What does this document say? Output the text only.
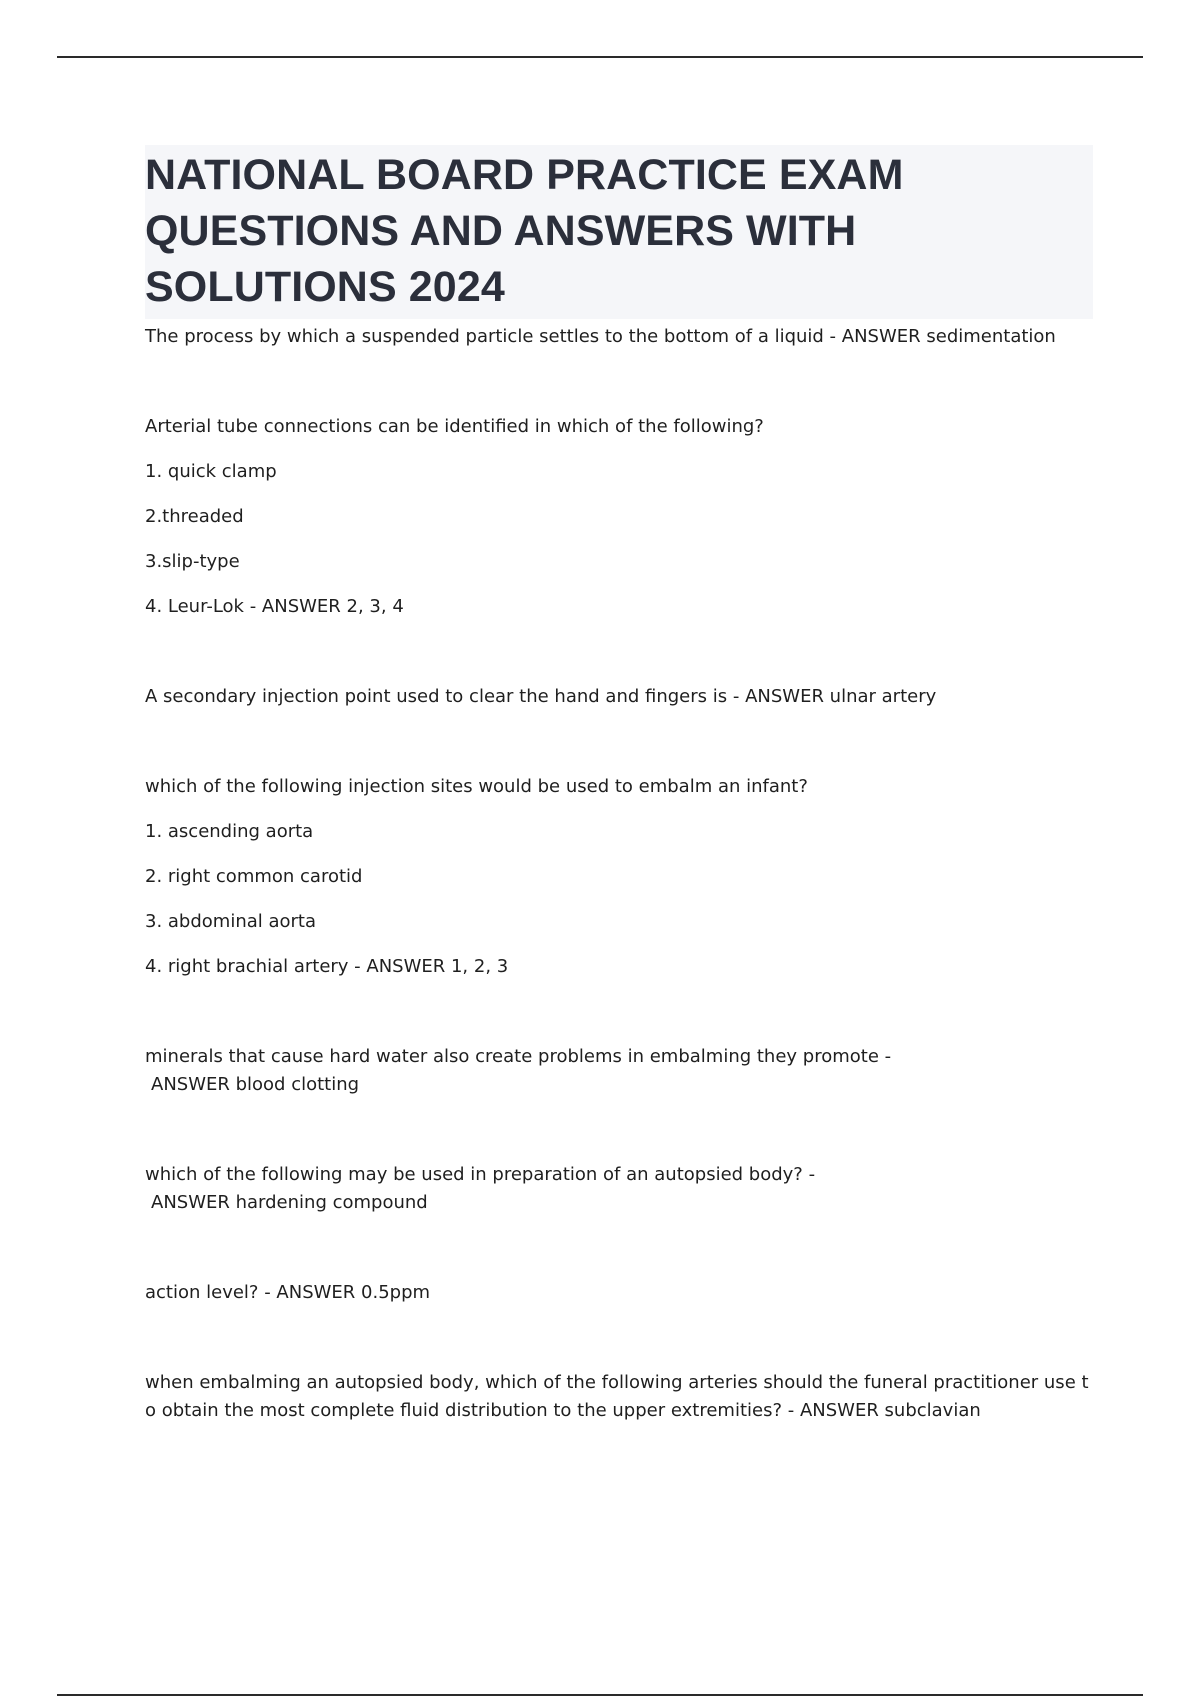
NATIONAL BOARD PRACTICE EXAM
QUESTIONS AND ANSWERS WITH
SOLUTIONS 2024

The process by which a suspended particle settles to the bottom of a liquid - ANSWER sedimentation

Arterial tube connections can be identified in which of the following?

1. quick clamp

2.threaded

3.slip-type

4. Leur-Lok - ANSWER 2, 3, 4

A secondary injection point used to clear the hand and fingers is - ANSWER ulnar artery

which of the following injection sites would be used to embalm an infant?

1. ascending aorta

2. right common carotid

3. abdominal aorta

4. right brachial artery - ANSWER 1, 2, 3

minerals that cause hard water also create problems in embalming they promote -

ANSWER blood clotting

which of the following may be used in preparation of an autopsied body? -

ANSWER hardening compound

action level? - ANSWER 0.5ppm

when embalming an autopsied body, which of the following arteries should the funeral practitioner use t

o obtain the most complete fluid distribution to the upper extremities? - ANSWER subclavian
